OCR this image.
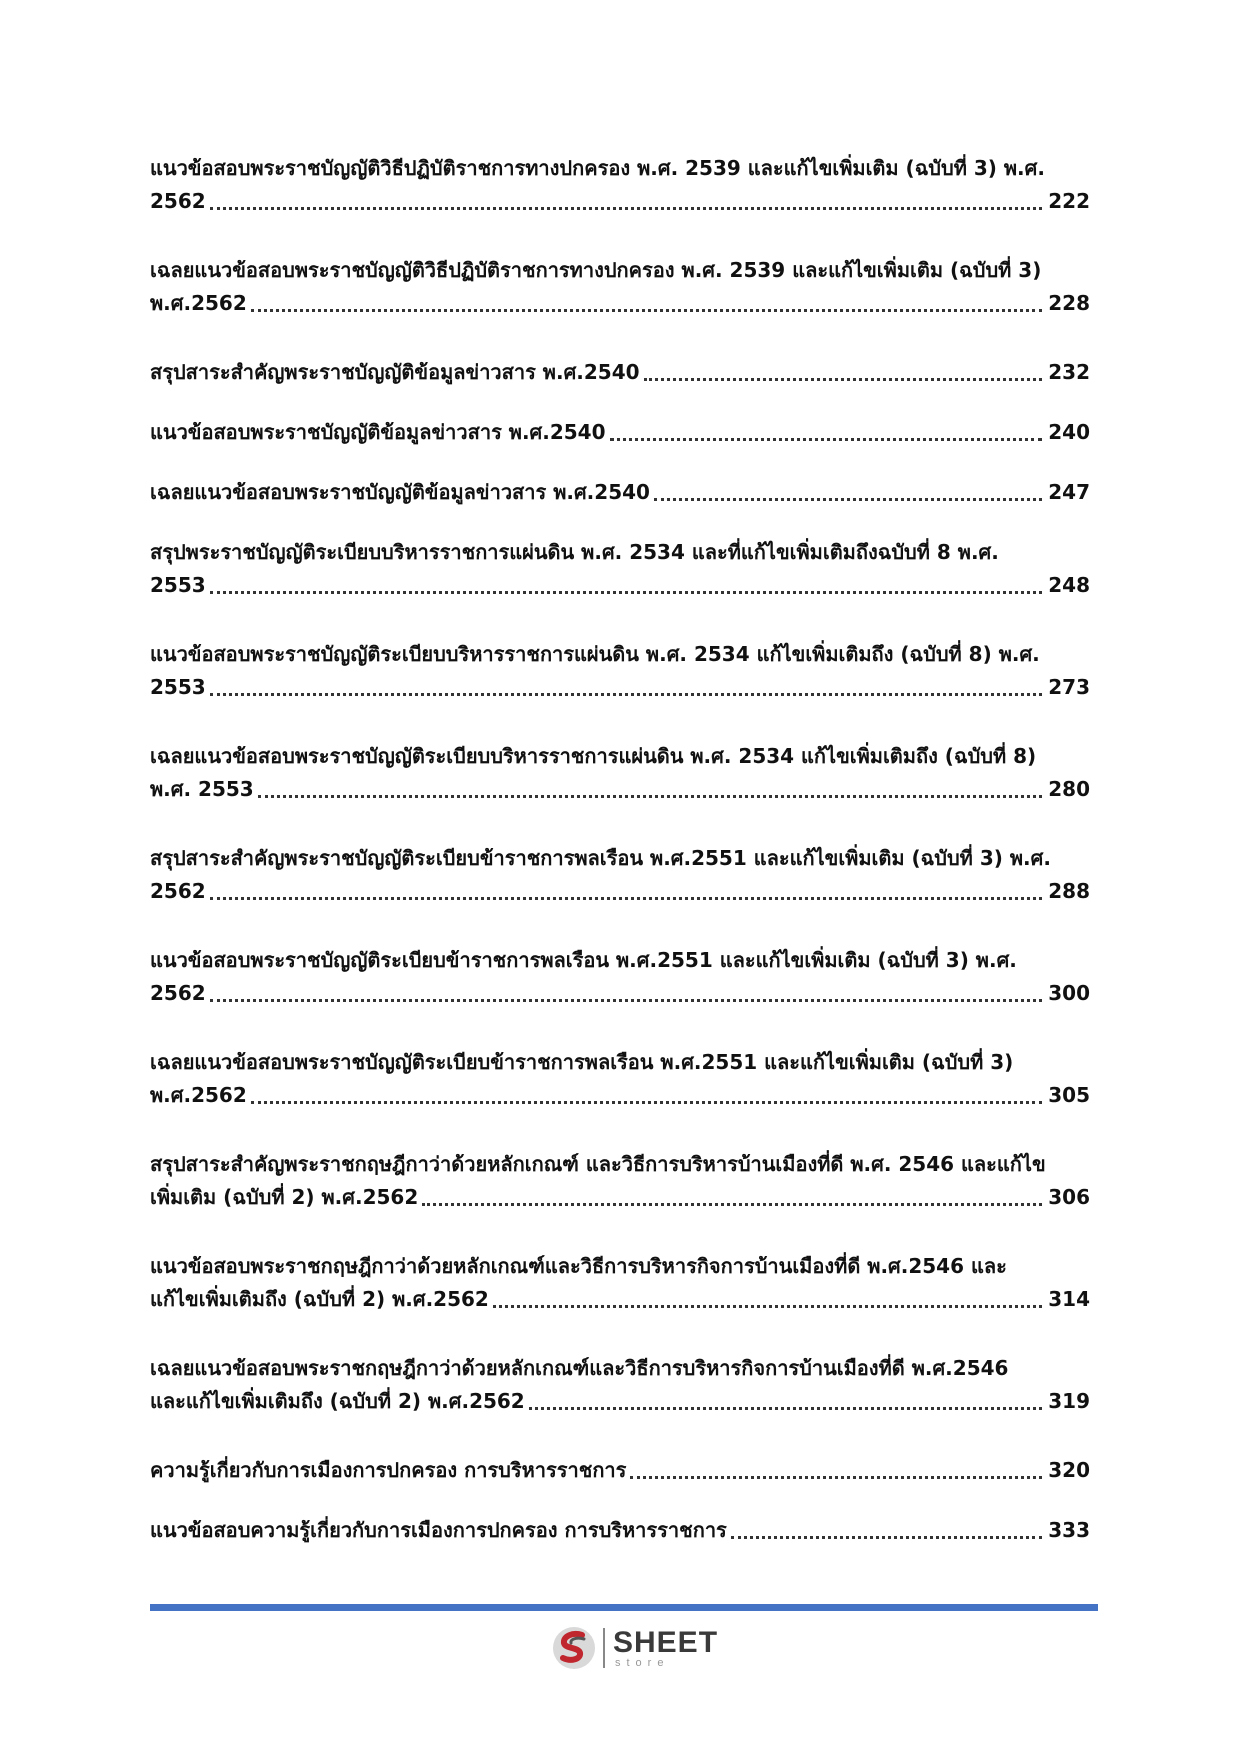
แนวข้อสอบพระราชบัญญัติวิธีปฏิบัติราชการทางปกครอง พ.ศ. 2539 และแก้ไขเพิ่มเติม (ฉบับที่ 3) พ.ศ.
2562	222
เฉลยแนวข้อสอบพระราชบัญญัติวิธีปฏิบัติราชการทางปกครอง พ.ศ. 2539 และแก้ไขเพิ่มเติม (ฉบับที่ 3)
พ.ศ.2562	228
สรุปสาระสำคัญพระราชบัญญัติข้อมูลข่าวสาร พ.ศ.2540	232
แนวข้อสอบพระราชบัญญัติข้อมูลข่าวสาร พ.ศ.2540	240
เฉลยแนวข้อสอบพระราชบัญญัติข้อมูลข่าวสาร พ.ศ.2540	247
สรุปพระราชบัญญัติระเบียบบริหารราชการแผ่นดิน พ.ศ. 2534 และที่แก้ไขเพิ่มเติมถึงฉบับที่ 8 พ.ศ.
2553	248
แนวข้อสอบพระราชบัญญัติระเบียบบริหารราชการแผ่นดิน พ.ศ. 2534 แก้ไขเพิ่มเติมถึง (ฉบับที่ 8) พ.ศ.
2553	273
เฉลยแนวข้อสอบพระราชบัญญัติระเบียบบริหารราชการแผ่นดิน พ.ศ. 2534 แก้ไขเพิ่มเติมถึง (ฉบับที่ 8)
พ.ศ. 2553	280
สรุปสาระสำคัญพระราชบัญญัติระเบียบข้าราชการพลเรือน พ.ศ.2551 และแก้ไขเพิ่มเติม (ฉบับที่ 3) พ.ศ.
2562	288
แนวข้อสอบพระราชบัญญัติระเบียบข้าราชการพลเรือน พ.ศ.2551 และแก้ไขเพิ่มเติม (ฉบับที่ 3) พ.ศ.
2562	300
เฉลยแนวข้อสอบพระราชบัญญัติระเบียบข้าราชการพลเรือน พ.ศ.2551 และแก้ไขเพิ่มเติม (ฉบับที่ 3)
พ.ศ.2562	305
สรุปสาระสำคัญพระราชกฤษฎีกาว่าด้วยหลักเกณฑ์ และวิธีการบริหารบ้านเมืองที่ดี พ.ศ. 2546 และแก้ไข
เพิ่มเติม (ฉบับที่ 2) พ.ศ.2562	306
แนวข้อสอบพระราชกฤษฎีกาว่าด้วยหลักเกณฑ์และวิธีการบริหารกิจการบ้านเมืองที่ดี พ.ศ.2546 และ
แก้ไขเพิ่มเติมถึง (ฉบับที่ 2) พ.ศ.2562	314
เฉลยแนวข้อสอบพระราชกฤษฎีกาว่าด้วยหลักเกณฑ์และวิธีการบริหารกิจการบ้านเมืองที่ดี พ.ศ.2546
และแก้ไขเพิ่มเติมถึง (ฉบับที่ 2) พ.ศ.2562	319
ความรู้เกี่ยวกับการเมืองการปกครอง การบริหารราชการ	320
แนวข้อสอบความรู้เกี่ยวกับการเมืองการปกครอง การบริหารราชการ	333
SHEET
store
